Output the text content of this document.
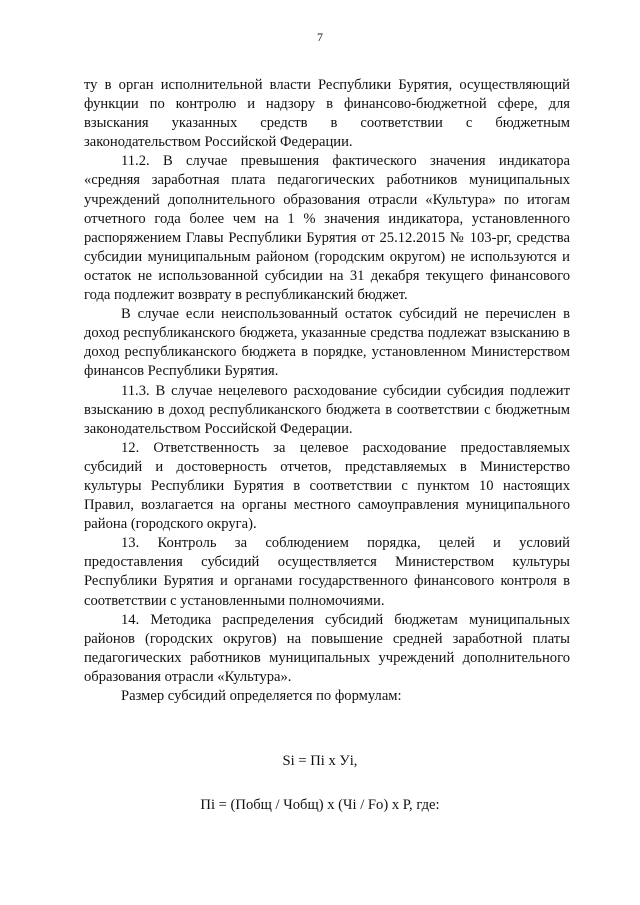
7

ту в орган исполнительной власти Республики Бурятия, осуществляющий функции по контролю и надзору в финансово-бюджетной сфере, для взыскания указанных средств в соответствии с бюджетным законодательством Российской Федерации.

11.2. В случае превышения фактического значения индикатора «средняя заработная плата педагогических работников муниципальных учреждений дополнительного образования отрасли «Культура» по итогам отчетного года более чем на 1 % значения индикатора, установленного распоряжением Главы Республики Бурятия от 25.12.2015 № 103-рг, средства субсидии муниципальным районом (городским округом) не используются и остаток не использованной субсидии на 31 декабря текущего финансового года подлежит возврату в республиканский бюджет.

В случае если неиспользованный остаток субсидий не перечислен в доход республиканского бюджета, указанные средства подлежат взысканию в доход республиканского бюджета в порядке, установленном Министерством финансов Республики Бурятия.

11.3. В случае нецелевого расходование субсидии субсидия подлежит взысканию в доход республиканского бюджета в соответствии с бюджетным законодательством Российской Федерации.

12. Ответственность за целевое расходование предоставляемых субсидий и достоверность отчетов, представляемых в Министерство культуры Республики Бурятия в соответствии с пунктом 10 настоящих Правил, возлагается на органы местного самоуправления муниципального района (городского округа).

13. Контроль за соблюдением порядка, целей и условий предоставления субсидий осуществляется Министерством культуры Республики Бурятия и органами государственного финансового контроля в соответствии с установленными полномочиями.

14. Методика распределения субсидий бюджетам муниципальных районов (городских округов) на повышение средней заработной платы педагогических работников муниципальных учреждений дополнительного образования отрасли «Культура».

Размер субсидий определяется по формулам:

Si = Пi х Уi,
Пi = (Побщ / Чобщ) х (Чi / Fо) х Р, где:
